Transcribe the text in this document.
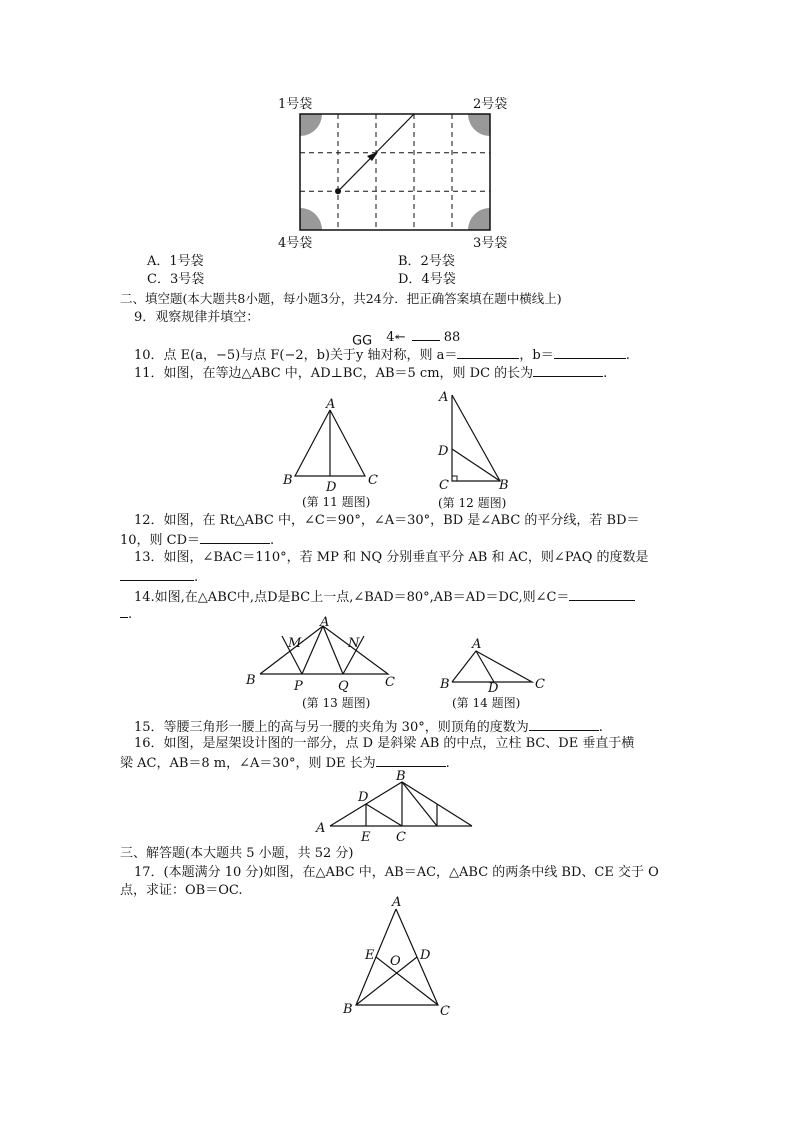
1号袋	2号袋
4号袋	3号袋
A．1号袋	B．2号袋
C．3号袋	D．4号袋
二、填空题(本大题共8小题，每小题3分，共24分．把正确答案填在题中横线上)
9．观察规律并填空：
⅁⅁ 4↞	88
10．点 E(a，−5)与点 F(−2，b)关于y 轴对称，则 a＝	，b＝	.
11．如图，在等边△ABC 中，AD⊥BC，AB＝5 cm，则 DC 的长为	.
A
B	C
D
(第 11 题图)
A
D
C	B
(第 12 题图)
12．如图，在 Rt△ABC 中，∠C＝90°，∠A＝30°，BD 是∠ABC 的平分线，若 BD＝
10，则 CD＝	.
13．如图，∠BAC＝110°，若 MP 和 NQ 分别垂直平分 AB 和 AC，则∠PAQ 的度数是
.
14.如图,在△ABC中,点D是BC上一点,∠BAD＝80°,AB＝AD＝DC,则∠C＝
.
A
M	N
B	P	Q	C
(第 13 题图)
A
B	D	C
(第 14 题图)
15．等腰三角形一腰上的高与另一腰的夹角为 30°，则顶角的度数为	.
16．如图，是屋架设计图的一部分，点 D 是斜梁 AB 的中点，立柱 BC、DE 垂直于横
梁 AC，AB＝8 m，∠A＝30°，则 DE 长为	.
B
D
A
E C
三、解答题(本大题共 5 小题，共 52 分)
17．(本题满分 10 分)如图，在△ABC 中，AB＝AC，△ABC 的两条中线 BD、CE 交于 O
点，求证：OB＝OC.
A
E	D
O
B	C
